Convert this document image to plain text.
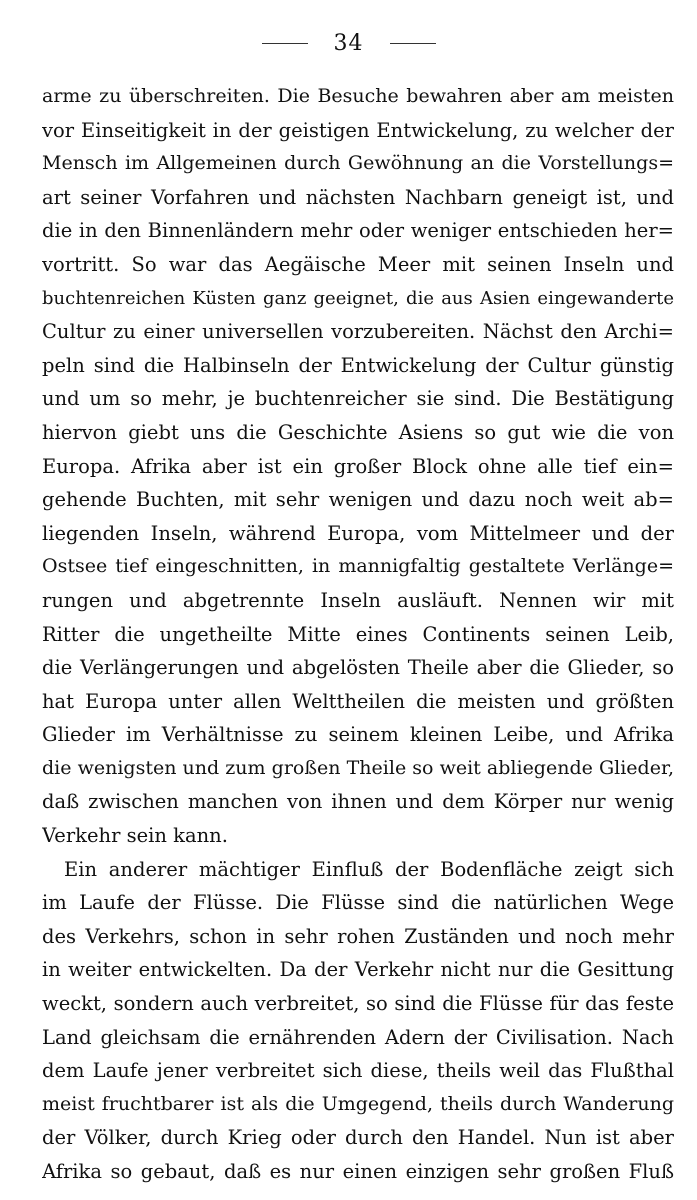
34
arme zu überschreiten. Die Besuche bewahren aber am meisten
vor Einseitigkeit in der geistigen Entwickelung, zu welcher der
Mensch im Allgemeinen durch Gewöhnung an die Vorstellungs=
art seiner Vorfahren und nächsten Nachbarn geneigt ist, und
die in den Binnenländern mehr oder weniger entschieden her=
vortritt. So war das Aegäische Meer mit seinen Inseln und
buchtenreichen Küsten ganz geeignet, die aus Asien eingewanderte
Cultur zu einer universellen vorzubereiten. Nächst den Archi=
peln sind die Halbinseln der Entwickelung der Cultur günstig
und um so mehr, je buchtenreicher sie sind. Die Bestätigung
hiervon giebt uns die Geschichte Asiens so gut wie die von
Europa. Afrika aber ist ein großer Block ohne alle tief ein=
gehende Buchten, mit sehr wenigen und dazu noch weit ab=
liegenden Inseln, während Europa, vom Mittelmeer und der
Ostsee tief eingeschnitten, in mannigfaltig gestaltete Verlänge=
rungen und abgetrennte Inseln ausläuft. Nennen wir mit
Ritter die ungetheilte Mitte eines Continents seinen Leib,
die Verlängerungen und abgelösten Theile aber die Glieder, so
hat Europa unter allen Welttheilen die meisten und größten
Glieder im Verhältnisse zu seinem kleinen Leibe, und Afrika
die wenigsten und zum großen Theile so weit abliegende Glieder,
daß zwischen manchen von ihnen und dem Körper nur wenig
Verkehr sein kann.
Ein anderer mächtiger Einfluß der Bodenfläche zeigt sich
im Laufe der Flüsse. Die Flüsse sind die natürlichen Wege
des Verkehrs, schon in sehr rohen Zuständen und noch mehr
in weiter entwickelten. Da der Verkehr nicht nur die Gesittung
weckt, sondern auch verbreitet, so sind die Flüsse für das feste
Land gleichsam die ernährenden Adern der Civilisation. Nach
dem Laufe jener verbreitet sich diese, theils weil das Flußthal
meist fruchtbarer ist als die Umgegend, theils durch Wanderung
der Völker, durch Krieg oder durch den Handel. Nun ist aber
Afrika so gebaut, daß es nur einen einzigen sehr großen Fluß
